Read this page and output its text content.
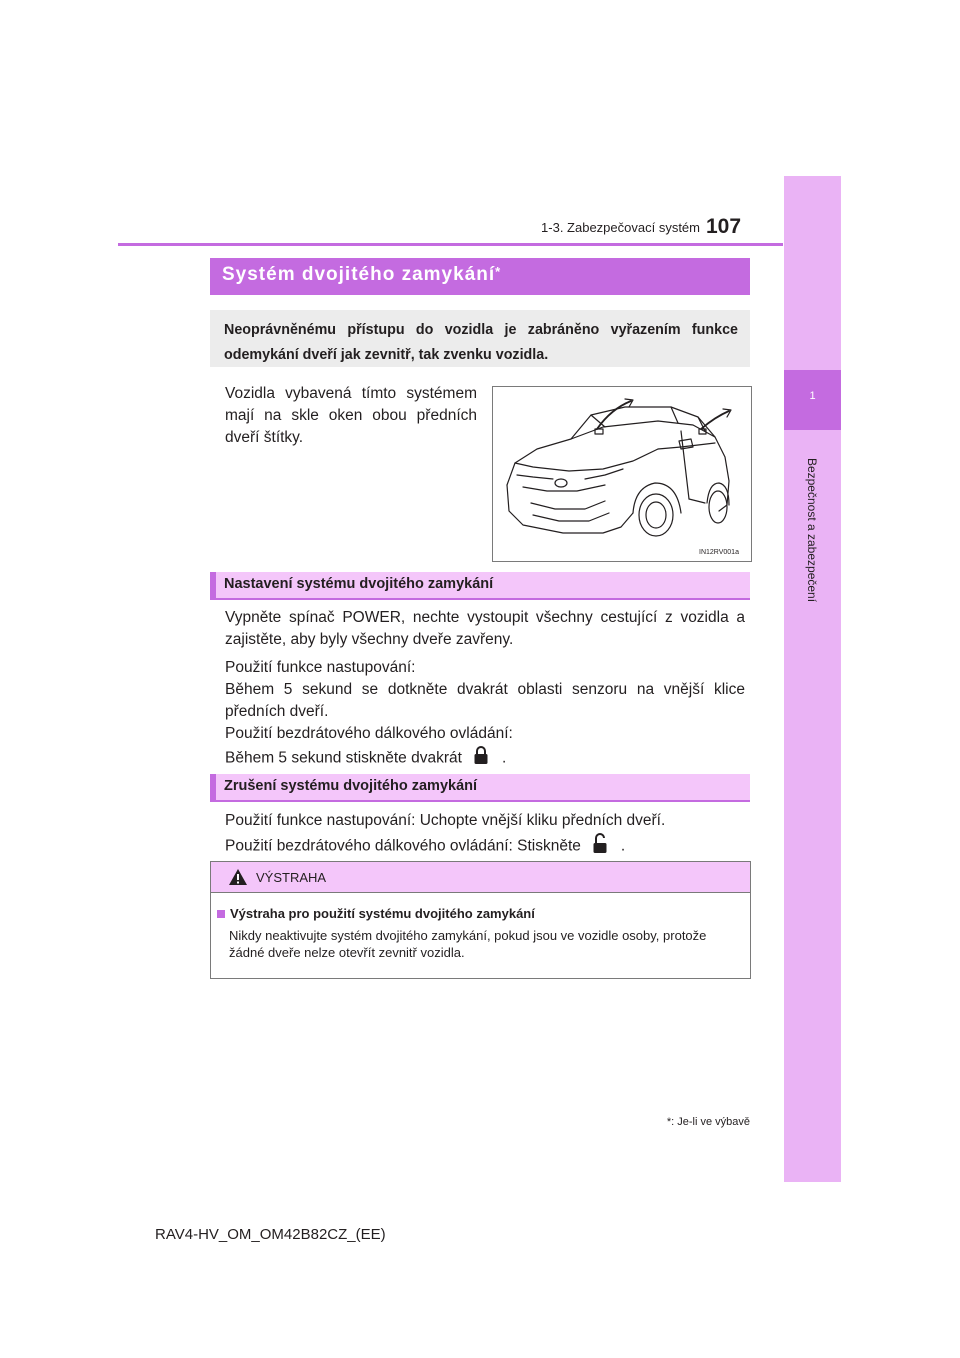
1
Bezpečnost a zabezpečení
1-3. Zabezpečovací systém 107
Systém dvojitého zamykání*
Neoprávněnému přístupu do vozidla je zabráněno vyřazením funkce odemykání dveří jak zevnitř, tak zvenku vozidla.
Vozidla vybavená tímto systémem mají na skle oken obou předních dveří štítky.
IN12RV001a
Nastavení systému dvojitého zamykání
Vypněte spínač POWER, nechte vystoupit všechny cestující z vozidla a zajistěte, aby byly všechny dveře zavřeny.
Použití funkce nastupování:
Během 5 sekund se dotkněte dvakrát oblasti senzoru na vnější klice předních dveří.
Použití bezdrátového dálkového ovládání:
Během 5 sekund stiskněte dvakrát	.
Zrušení systému dvojitého zamykání
Použití funkce nastupování: Uchopte vnější kliku předních dveří.
Použití bezdrátového dálkového ovládání: Stiskněte	.
VÝSTRAHA
Výstraha pro použití systému dvojitého zamykání
Nikdy neaktivujte systém dvojitého zamykání, pokud jsou ve vozidle osoby, protože žádné dveře nelze otevřít zevnitř vozidla.
*: Je-li ve výbavě
RAV4-HV_OM_OM42B82CZ_(EE)
